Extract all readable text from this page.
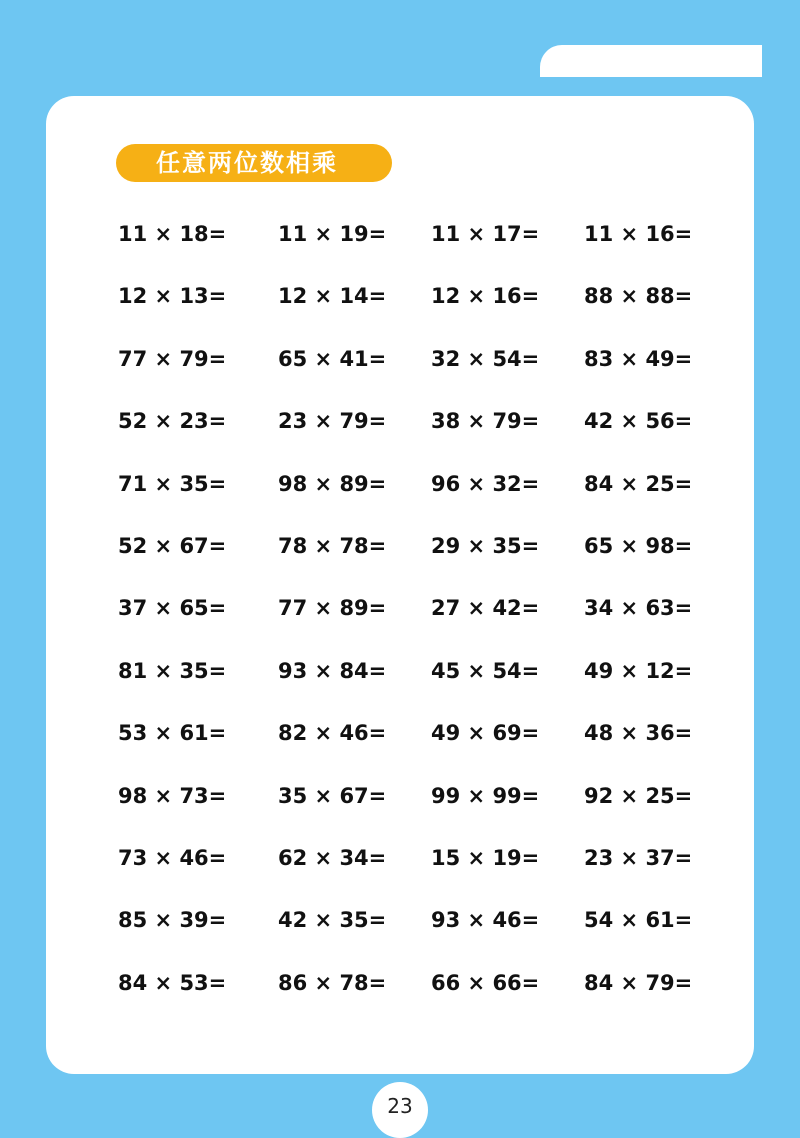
任意两位数相乘
11 × 18=	11 × 19=	11 × 17=	11 × 16=
12 × 13=	12 × 14=	12 × 16=	88 × 88=
77 × 79=	65 × 41=	32 × 54=	83 × 49=
52 × 23=	23 × 79=	38 × 79=	42 × 56=
71 × 35=	98 × 89=	96 × 32=	84 × 25=
52 × 67=	78 × 78=	29 × 35=	65 × 98=
37 × 65=	77 × 89=	27 × 42=	34 × 63=
81 × 35=	93 × 84=	45 × 54=	49 × 12=
53 × 61=	82 × 46=	49 × 69=	48 × 36=
98 × 73=	35 × 67=	99 × 99=	92 × 25=
73 × 46=	62 × 34=	15 × 19=	23 × 37=
85 × 39=	42 × 35=	93 × 46=	54 × 61=
84 × 53=	86 × 78=	66 × 66=	84 × 79=
23
